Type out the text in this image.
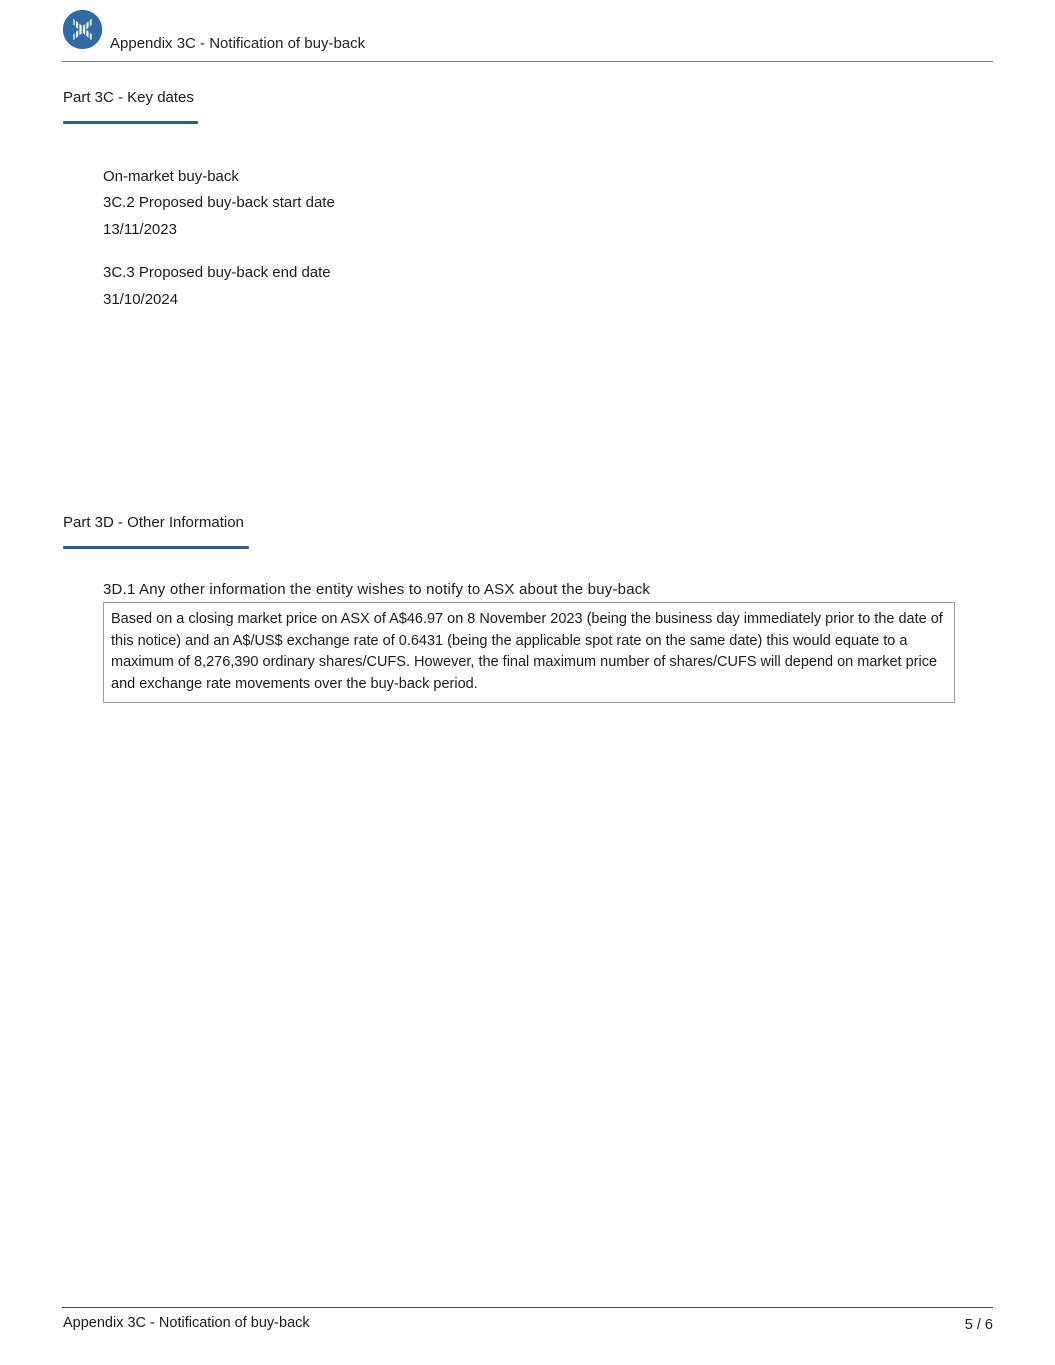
Appendix 3C - Notification of buy-back
Part 3C - Key dates
On-market buy-back
3C.2 Proposed buy-back start date
13/11/2023
3C.3 Proposed buy-back end date
31/10/2024
Part 3D - Other Information
3D.1 Any other information the entity wishes to notify to ASX about the buy-back
Based on a closing market price on ASX of A$46.97 on 8 November 2023 (being the business day immediately prior to the date of this notice) and an A$/US$ exchange rate of 0.6431 (being the applicable spot rate on the same date) this would equate to a maximum of 8,276,390 ordinary shares/CUFS. However, the final maximum number of shares/CUFS will depend on market price and exchange rate movements over the buy-back period.
Appendix 3C - Notification of buy-back	5 / 6
